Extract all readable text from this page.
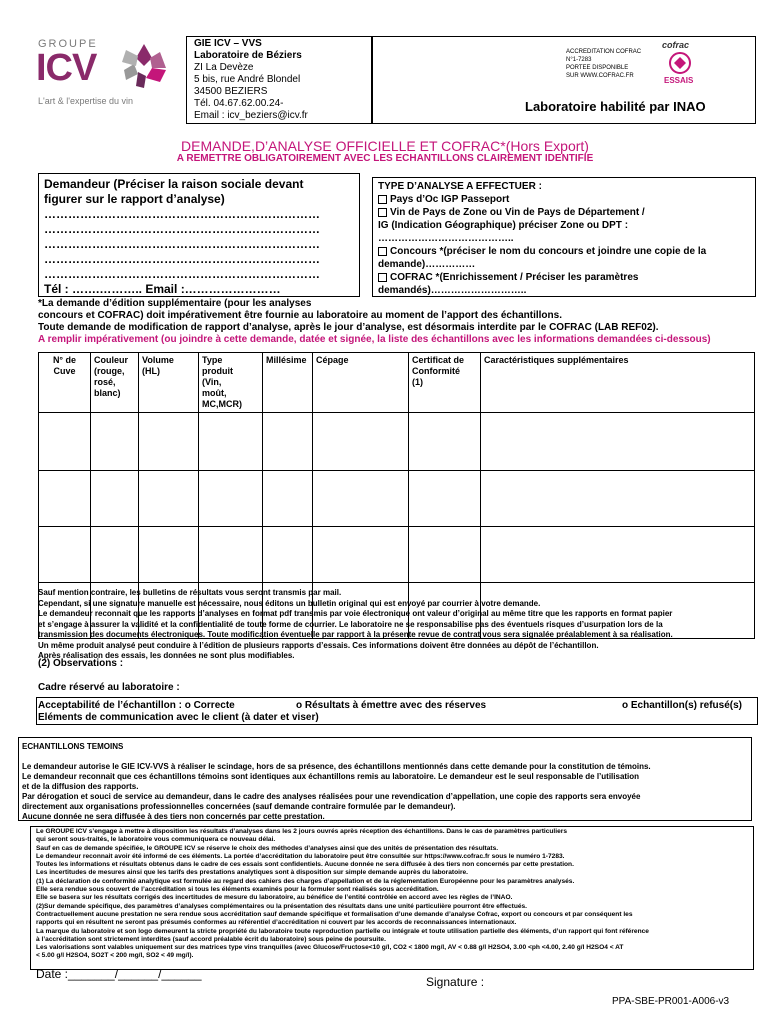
GROUPE
ICV
L'art & l'expertise du vin
GIE ICV – VVS
Laboratoire de Béziers
ZI La Devèze
5 bis, rue André Blondel
34500 BEZIERS
Tél. 04.67.62.00.24-
Email : icv_beziers@icv.fr
ACCREDITATION COFRAC
N°1-7283
PORTEE DISPONIBLE
SUR WWW.COFRAC.FR
cofrac
ESSAIS
Laboratoire habilité par INAO
DEMANDE,D’ANALYSE OFFICIELLE ET COFRAC*(Hors Export)
A REMETTRE OBLIGATOIREMENT AVEC LES ECHANTILLONS CLAIREMENT IDENTIFIE
Demandeur (Préciser la raison sociale devant
figurer sur le rapport d’analyse)
……………………………………………………………
……………………………………………………………
……………………………………………………………
……………………………………………………………
……………………………………………………………
Tél : …….……….. Email :……………………
TYPE D’ANALYSE A EFFECTUER :
Pays d’Oc IGP Passeport
Vin de Pays de Zone ou Vin de Pays de Département /
IG (Indication Géographique) préciser Zone ou DPT :
…………………………………..
Concours *(préciser le nom du concours et joindre une copie de la
demande)……………
COFRAC *(Enrichissement / Préciser les paramètres
demandés)………………………..
*La demande d’édition supplémentaire (pour les analyses
concours et COFRAC) doit impérativement être fournie au laboratoire au moment de l’apport des échantillons.
Toute demande de modification de rapport d’analyse, après le jour d’analyse, est désormais interdite par le COFRAC (LAB REF02).
A remplir impérativement (ou joindre à cette demande, datée et signée, la liste des échantillons avec les informations demandées ci-dessous)
N° de
Cuve	Couleur
(rouge,
rosé,
blanc)	Volume
(HL)	Type
produit
(Vin,
moût,
MC,MCR)	Millésime	Cépage	Certificat de
Conformité
(1)	Caractéristiques supplémentaires

Sauf mention contraire, les bulletins de résultats vous seront transmis par mail.
Cependant, si une signature manuelle est nécessaire, nous éditons un bulletin original qui est envoyé par courrier à votre demande.
Le demandeur reconnait que les rapports d’analyses en format pdf transmis par voie électronique ont valeur d’original au même titre que les rapports en format papier
et s’engage à assurer la validité et la confidentialité de toute forme de courrier. Le laboratoire ne se responsabilise pas des éventuels risques d’usurpation lors de la
transmission des documents électroniques. Toute modification éventuelle par rapport à la présente revue de contrat vous sera signalée préalablement à sa réalisation.
Un même produit analysé peut conduire à l’édition de plusieurs rapports d’essais. Ces informations doivent être données au dépôt de l’échantillon.
Après réalisation des essais, les données ne sont plus modifiables.
(2) Observations :
Cadre réservé au laboratoire :
Acceptabilité de l’échantillon : o Correcte	o Résultats à émettre avec des réserves	o Echantillon(s) refusé(s)
Eléments de communication avec le client (à dater et viser)
ECHANTILLONS TEMOINS
Le demandeur autorise le GIE ICV-VVS à réaliser le scindage, hors de sa présence, des échantillons mentionnés dans cette demande pour la constitution de témoins.
Le demandeur reconnait que ces échantillons témoins sont identiques aux échantillons remis au laboratoire. Le demandeur est le seul responsable de l’utilisation
et de la diffusion des rapports.
Par dérogation et souci de service au demandeur, dans le cadre des analyses réalisées pour une revendication d’appellation, une copie des rapports sera envoyée
directement aux organisations professionnelles concernées (sauf demande contraire formulée par le demandeur).
Aucune donnée ne sera diffusée à des tiers non concernés par cette prestation.
Le GROUPE ICV s’engage à mettre à disposition les résultats d’analyses dans les 2 jours ouvrés après réception des échantillons. Dans le cas de paramètres particuliers
qui seront sous-traités, le laboratoire vous communiquera ce nouveau délai.
Sauf en cas de demande spécifiée, le GROUPE ICV se réserve le choix des méthodes d’analyses ainsi que des unités de présentation des résultats.
Le demandeur reconnait avoir été informé de ces éléments. La portée d’accréditation du laboratoire peut être consultée sur https://www.cofrac.fr sous le numéro 1-7283.
Toutes les informations et résultats obtenus dans le cadre de ces essais sont confidentiels. Aucune donnée ne sera diffusée à des tiers non concernés par cette prestation.
Les incertitudes de mesures ainsi que les tarifs des prestations analytiques sont à disposition sur simple demande auprès du laboratoire.
(1) La déclaration de conformité analytique est formulée au regard des cahiers des charges d’appellation et de la réglementation Européenne pour les paramètres analysés.
Elle sera rendue sous couvert de l’accréditation si tous les éléments examinés pour la formuler sont réalisés sous accréditation.
Elle se basera sur les résultats corrigés des incertitudes de mesure du laboratoire, au bénéfice de l’entité contrôlée en accord avec les règles de l’INAO.
(2)Sur demande spécifique, des paramètres d’analyses complémentaires ou la présentation des résultats dans une unité particulière pourront être effectués.
Contractuellement aucune prestation ne sera rendue sous accréditation sauf demande spécifique et formalisation d’une demande d’analyse Cofrac, export ou concours et par conséquent les
rapports qui en résultent ne seront pas présumés conformes au référentiel d’accréditation ni couvert par les accords de reconnaissances internationaux.
La marque du laboratoire et son logo demeurent la stricte propriété du laboratoire toute reproduction partielle ou intégrale et toute utilisation partielle des éléments, d’un rapport qui font référence
à l’accréditation sont strictement interdites (sauf accord préalable écrit du laboratoire) sous peine de poursuite.
Les valorisations sont valables uniquement sur des matrices type vins tranquilles (avec Glucose/Fructose<10 g/l, CO2 < 1800 mg/l, AV < 0.88 g/l H2SO4, 3.00 <ph <4.00, 2.40 g/l H2SO4 < AT
< 5.00 g/l H2SO4, SO2T < 200 mg/l, SO2 < 49 mg/l).
Date :_______/______/______
Signature :
PPA-SBE-PR001-A006-v3
